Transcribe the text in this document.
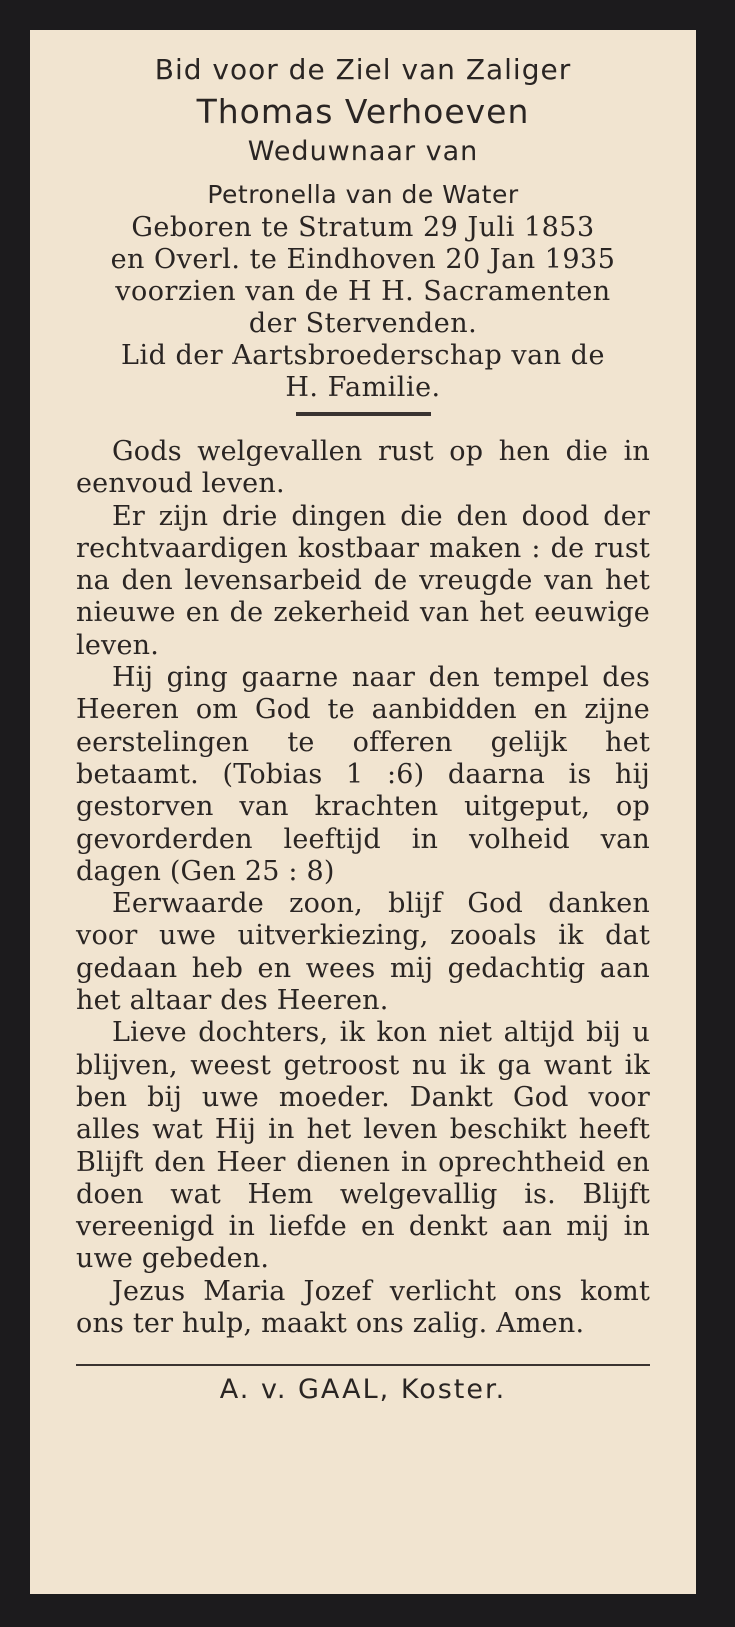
Bid voor de Ziel van Zaliger
Thomas Verhoeven
Weduwnaar van
Petronella van de Water
Geboren te Stratum 29 Juli 1853
en Overl. te Eindhoven 20 Jan 1935
voorzien van de H H. Sacramenten
der Stervenden.
Lid der Aartsbroederschap van de
H. Familie.

Gods welgevallen rust op hen die in eenvoud leven.

Er zijn drie dingen die den dood der rechtvaardigen kostbaar maken : de rust na den levensarbeid de vreugde van het nieuwe en de zekerheid van het eeuwige leven.

Hij ging gaarne naar den tempel des Heeren om God te aanbidden en zijne eerstelingen te offeren gelijk het betaamt. (Tobias 1 :6) daarna is hij gestorven van krachten uitgeput, op gevorderden leeftijd in volheid van dagen (Gen 25 : 8)

Eerwaarde zoon, blijf God danken voor uwe uitverkiezing, zooals ik dat gedaan heb en wees mij gedachtig aan het altaar des Heeren.

Lieve dochters, ik kon niet altijd bij u blijven, weest getroost nu ik ga want ik ben bij uwe moeder. Dankt God voor alles wat Hij in het leven beschikt heeft Blijft den Heer dienen in oprechtheid en doen wat Hem welgevallig is. Blijft vereenigd in liefde en denkt aan mij in uwe gebeden.

Jezus Maria Jozef verlicht ons komt ons ter hulp, maakt ons zalig. Amen.

A. v. GAAL, Koster.
